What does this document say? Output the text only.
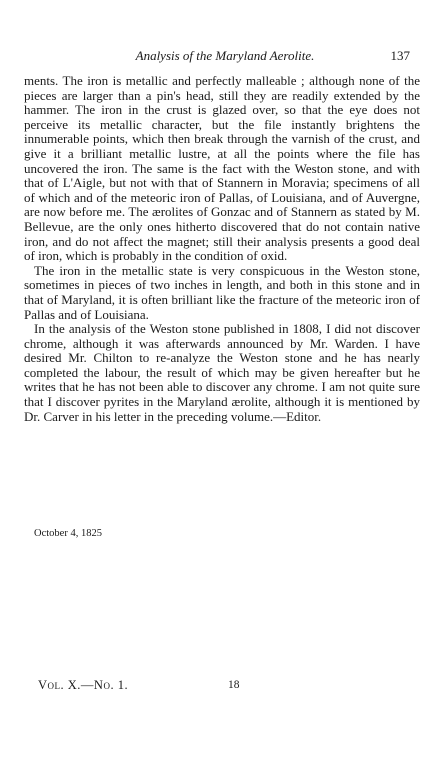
Analysis of the Maryland Aerolite.	137

ments. The iron is metallic and perfectly malleable ; although none of the pieces are larger than a pin's head, still they are readily extended by the hammer. The iron in the crust is glazed over, so that the eye does not perceive its metallic character, but the file instantly brightens the innumerable points, which then break through the varnish of the crust, and give it a brilliant metallic lustre, at all the points where the file has uncovered the iron. The same is the fact with the Weston stone, and with that of L'Aigle, but not with that of Stannern in Moravia; specimens of all of which and of the meteoric iron of Pallas, of Louisiana, and of Auvergne, are now before me. The ærolites of Gonzac and of Stannern as stated by M. Bellevue, are the only ones hitherto discovered that do not contain native iron, and do not affect the magnet; still their analysis presents a good deal of iron, which is probably in the condition of oxid.

The iron in the metallic state is very conspicuous in the Weston stone, sometimes in pieces of two inches in length, and both in this stone and in that of Maryland, it is often brilliant like the fracture of the meteoric iron of Pallas and of Louisiana.

In the analysis of the Weston stone published in 1808, I did not discover chrome, although it was afterwards announced by Mr. Warden. I have desired Mr. Chilton to re-analyze the Weston stone and he has nearly completed the labour, the result of which may be given hereafter but he writes that he has not been able to discover any chrome. I am not quite sure that I discover pyrites in the Maryland ærolite, although it is mentioned by Dr. Carver in his letter in the preceding volume.—Editor.

October 4, 1825
Vol. X.—No. 1.	18
